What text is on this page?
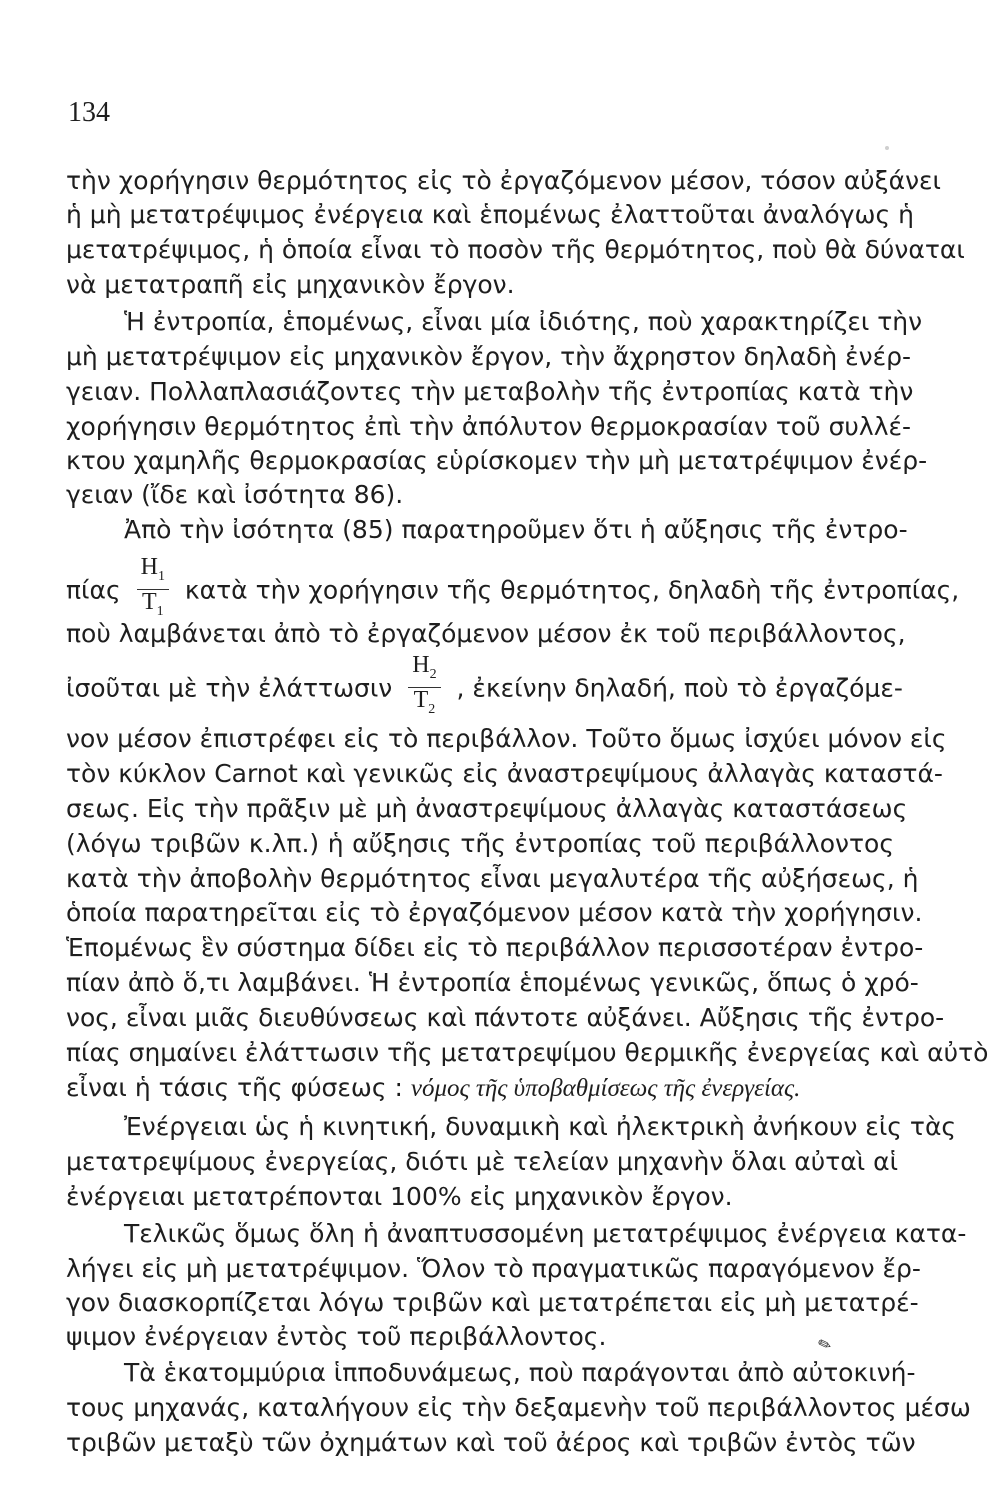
134
τὴν χορήγησιν θερμότητος εἰς τὸ ἐργαζόμενον μέσον, τόσον αὐξάνει
ἡ μὴ μετατρέψιμος ἐνέργεια καὶ ἑπομένως ἐλαττοῦται ἀναλόγως ἡ
μετατρέψιμος, ἡ ὁποία εἶναι τὸ ποσὸν τῆς θερμότητος, ποὺ θὰ δύναται
νὰ μετατραπῆ εἰς μηχανικὸν ἔργον.
Ἡ ἐντροπία, ἑπομένως, εἶναι μία ἰδιότης, ποὺ χαρακτηρίζει τὴν
μὴ μετατρέψιμον εἰς μηχανικὸν ἔργον, τὴν ἄχρηστον δηλαδὴ ἐνέρ-
γειαν. Πολλαπλασιάζοντες τὴν μεταβολὴν τῆς ἐντροπίας κατὰ τὴν
χορήγησιν θερμότητος ἐπὶ τὴν ἀπόλυτον θερμοκρασίαν τοῦ συλλέ-
κτου χαμηλῆς θερμοκρασίας εὑρίσκομεν τὴν μὴ μετατρέψιμον ἐνέρ-
γειαν (ἴδε καὶ ἰσότητα 86).
Ἀπὸ τὴν ἰσότητα (85) παρατηροῦμεν ὅτι ἡ αὔξησις τῆς ἐντρο-
πίας $\frac{H_1}{T_1}$ κατὰ τὴν χορήγησιν τῆς θερμότητος, δηλαδὴ τῆς ἐντροπίας,
ποὺ λαμβάνεται ἀπὸ τὸ ἐργαζόμενον μέσον ἐκ τοῦ περιβάλλοντος,
ἰσοῦται μὲ τὴν ἐλάττωσιν $\frac{H_2}{T_2}$ , ἐκείνην δηλαδή, ποὺ τὸ ἐργαζόμε-
νον μέσον ἐπιστρέφει εἰς τὸ περιβάλλον. Τοῦτο ὅμως ἰσχύει μόνον εἰς
τὸν κύκλον Carnot καὶ γενικῶς εἰς ἀναστρεψίμους ἀλλαγὰς καταστά-
σεως. Εἰς τὴν πρᾶξιν μὲ μὴ ἀναστρεψίμους ἀλλαγὰς καταστάσεως
(λόγω τριβῶν κ.λπ.) ἡ αὔξησις τῆς ἐντροπίας τοῦ περιβάλλοντος
κατὰ τὴν ἀποβολὴν θερμότητος εἶναι μεγαλυτέρα τῆς αὐξήσεως, ἡ
ὁποία παρατηρεῖται εἰς τὸ ἐργαζόμενον μέσον κατὰ τὴν χορήγησιν.
Ἑπομένως ἓν σύστημα δίδει εἰς τὸ περιβάλλον περισσοτέραν ἐντρο-
πίαν ἀπὸ ὅ,τι λαμβάνει. Ἡ ἐντροπία ἑπομένως γενικῶς, ὅπως ὁ χρό-
νος, εἶναι μιᾶς διευθύνσεως καὶ πάντοτε αὐξάνει. Αὔξησις τῆς ἐντρο-
πίας σημαίνει ἐλάττωσιν τῆς μετατρεψίμου θερμικῆς ἐνεργείας καὶ αὐτὸ
εἶναι ἡ τάσις τῆς φύσεως : νόμος τῆς ὑποβαθμίσεως τῆς ἐνεργείας.
Ἐνέργειαι ὡς ἡ κινητική, δυναμικὴ καὶ ἠλεκτρικὴ ἀνήκουν εἰς τὰς
μετατρεψίμους ἐνεργείας, διότι μὲ τελείαν μηχανὴν ὅλαι αὐταὶ αἱ
ἐνέργειαι μετατρέπονται 100% εἰς μηχανικὸν ἔργον.
Τελικῶς ὅμως ὅλη ἡ ἀναπτυσσομένη μετατρέψιμος ἐνέργεια κατα-
λήγει εἰς μὴ μετατρέψιμον. Ὅλον τὸ πραγματικῶς παραγόμενον ἔρ-
γον διασκορπίζεται λόγω τριβῶν καὶ μετατρέπεται εἰς μὴ μετατρέ-
ψιμον ἐνέργειαν ἐντὸς τοῦ περιβάλλοντος.
Τὰ ἑκατομμύρια ἱπποδυνάμεως, ποὺ παράγονται ἀπὸ αὐτοκινή-
τους μηχανάς, καταλήγουν εἰς τὴν δεξαμενὴν τοῦ περιβάλλοντος μέσω
τριβῶν μεταξὺ τῶν ὀχημάτων καὶ τοῦ ἀέρος καὶ τριβῶν ἐντὸς τῶν
✎
